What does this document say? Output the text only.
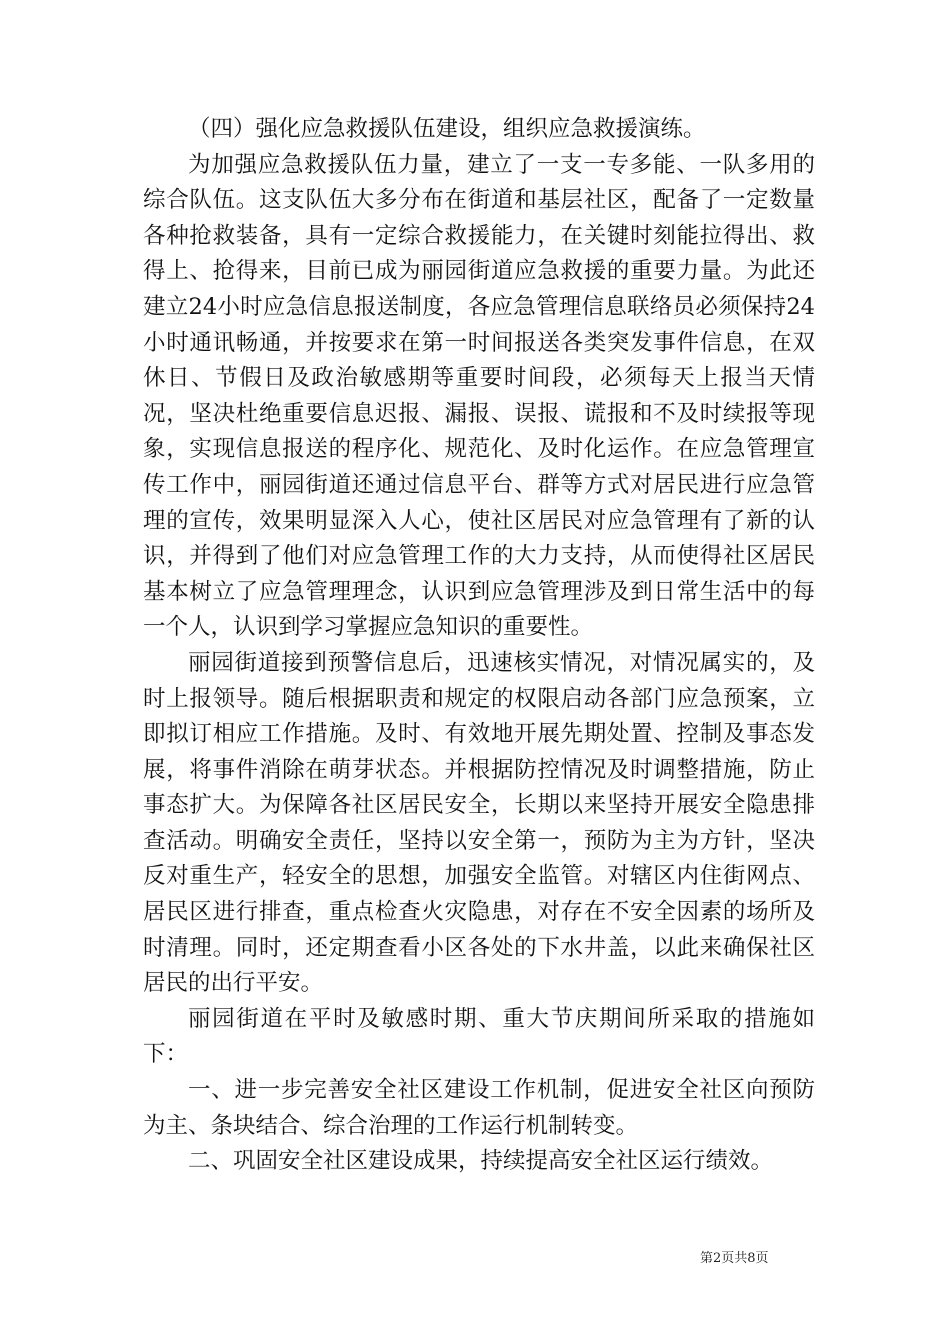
（四）强化应急救援队伍建设，组织应急救援演练。

为加强应急救援队伍力量，建立了一支一专多能、一队多用的综合队伍。这支队伍大多分布在街道和基层社区，配备了一定数量各种抢救装备，具有一定综合救援能力，在关键时刻能拉得出、救得上、抢得来，目前已成为丽园街道应急救援的重要力量。为此还建立24小时应急信息报送制度，各应急管理信息联络员必须保持24小时通讯畅通，并按要求在第一时间报送各类突发事件信息，在双休日、节假日及政治敏感期等重要时间段，必须每天上报当天情况，坚决杜绝重要信息迟报、漏报、误报、谎报和不及时续报等现象，实现信息报送的程序化、规范化、及时化运作。在应急管理宣传工作中，丽园街道还通过信息平台、群等方式对居民进行应急管理的宣传，效果明显深入人心，使社区居民对应急管理有了新的认识，并得到了他们对应急管理工作的大力支持，从而使得社区居民基本树立了应急管理理念，认识到应急管理涉及到日常生活中的每一个人，认识到学习掌握应急知识的重要性。

丽园街道接到预警信息后，迅速核实情况，对情况属实的，及时上报领导。随后根据职责和规定的权限启动各部门应急预案，立即拟订相应工作措施。及时、有效地开展先期处置、控制及事态发展，将事件消除在萌芽状态。并根据防控情况及时调整措施，防止事态扩大。为保障各社区居民安全，长期以来坚持开展安全隐患排查活动。明确安全责任，坚持以安全第一，预防为主为方针，坚决反对重生产，轻安全的思想，加强安全监管。对辖区内住街网点、居民区进行排查，重点检查火灾隐患，对存在不安全因素的场所及时清理。同时，还定期查看小区各处的下水井盖，以此来确保社区居民的出行平安。

丽园街道在平时及敏感时期、重大节庆期间所采取的措施如下：

一、进一步完善安全社区建设工作机制，促进安全社区向预防为主、条块结合、综合治理的工作运行机制转变。

二、巩固安全社区建设成果，持续提高安全社区运行绩效。

第2页共8页
